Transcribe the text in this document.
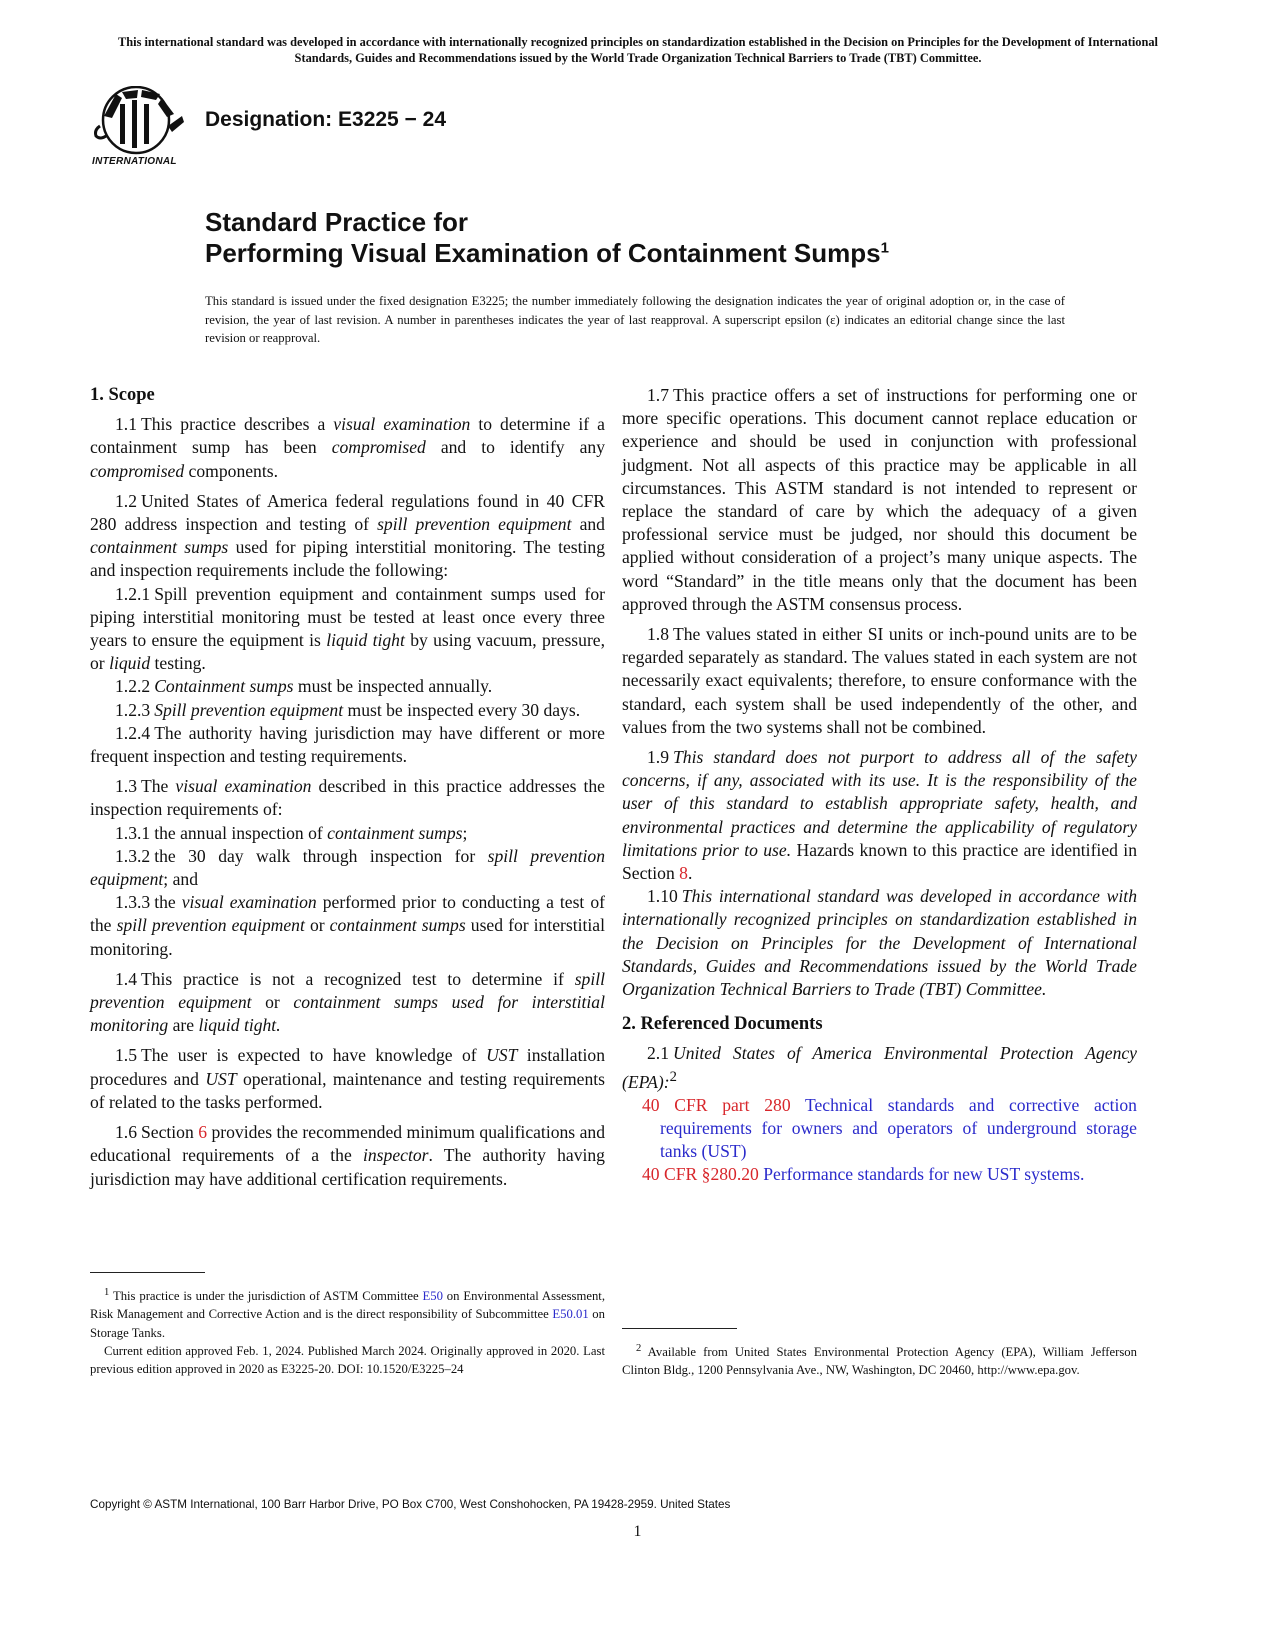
This international standard was developed in accordance with internationally recognized principles on standardization established in the Decision on Principles for the Development of International Standards, Guides and Recommendations issued by the World Trade Organization Technical Barriers to Trade (TBT) Committee.
INTERNATIONAL
Designation: E3225 − 24
Standard Practice for
Performing Visual Examination of Containment Sumps$^1$
This standard is issued under the fixed designation E3225; the number immediately following the designation indicates the year of original adoption or, in the case of revision, the year of last revision. A number in parentheses indicates the year of last reapproval. A superscript epsilon (ε) indicates an editorial change since the last revision or reapproval.
1. Scope

1.1 This practice describes a visual examination to determine if a containment sump has been compromised and to identify any compromised components.

1.2 United States of America federal regulations found in 40 CFR 280 address inspection and testing of spill prevention equipment and containment sumps used for piping interstitial monitoring. The testing and inspection requirements include the following:

1.2.1 Spill prevention equipment and containment sumps used for piping interstitial monitoring must be tested at least once every three years to ensure the equipment is liquid tight by using vacuum, pressure, or liquid testing.

1.2.2 Containment sumps must be inspected annually.

1.2.3 Spill prevention equipment must be inspected every 30 days.

1.2.4 The authority having jurisdiction may have different or more frequent inspection and testing requirements.

1.3 The visual examination described in this practice addresses the inspection requirements of:

1.3.1 the annual inspection of containment sumps;

1.3.2 the 30 day walk through inspection for spill prevention equipment; and

1.3.3 the visual examination performed prior to conducting a test of the spill prevention equipment or containment sumps used for interstitial monitoring.

1.4 This practice is not a recognized test to determine if spill prevention equipment or containment sumps used for interstitial monitoring are liquid tight.

1.5 The user is expected to have knowledge of UST installation procedures and UST operational, maintenance and testing requirements of related to the tasks performed.

1.6 Section 6 provides the recommended minimum qualifications and educational requirements of a the inspector. The authority having jurisdiction may have additional certification requirements.

1.7 This practice offers a set of instructions for performing one or more specific operations. This document cannot replace education or experience and should be used in conjunction with professional judgment. Not all aspects of this practice may be applicable in all circumstances. This ASTM standard is not intended to represent or replace the standard of care by which the adequacy of a given professional service must be judged, nor should this document be applied without consideration of a project’s many unique aspects. The word “Standard” in the title means only that the document has been approved through the ASTM consensus process.

1.8 The values stated in either SI units or inch-pound units are to be regarded separately as standard. The values stated in each system are not necessarily exact equivalents; therefore, to ensure conformance with the standard, each system shall be used independently of the other, and values from the two systems shall not be combined.

1.9 This standard does not purport to address all of the safety concerns, if any, associated with its use. It is the responsibility of the user of this standard to establish appropriate safety, health, and environmental practices and determine the applicability of regulatory limitations prior to use. Hazards known to this practice are identified in Section 8.

1.10 This international standard was developed in accordance with internationally recognized principles on standardization established in the Decision on Principles for the Development of International Standards, Guides and Recommendations issued by the World Trade Organization Technical Barriers to Trade (TBT) Committee.

2. Referenced Documents

2.1 United States of America Environmental Protection Agency (EPA):$^2$

40 CFR part 280 Technical standards and corrective action requirements for owners and operators of underground storage tanks (UST)
40 CFR §280.20 Performance standards for new UST systems.

$^1$ This practice is under the jurisdiction of ASTM Committee E50 on Environmental Assessment, Risk Management and Corrective Action and is the direct responsibility of Subcommittee E50.01 on Storage Tanks.

Current edition approved Feb. 1, 2024. Published March 2024. Originally approved in 2020. Last previous edition approved in 2020 as E3225-20. DOI: 10.1520/E3225–24

$^2$ Available from United States Environmental Protection Agency (EPA), William Jefferson Clinton Bldg., 1200 Pennsylvania Ave., NW, Washington, DC 20460, http://www.epa.gov.

Copyright © ASTM International, 100 Barr Harbor Drive, PO Box C700, West Conshohocken, PA 19428-2959. United States
1
